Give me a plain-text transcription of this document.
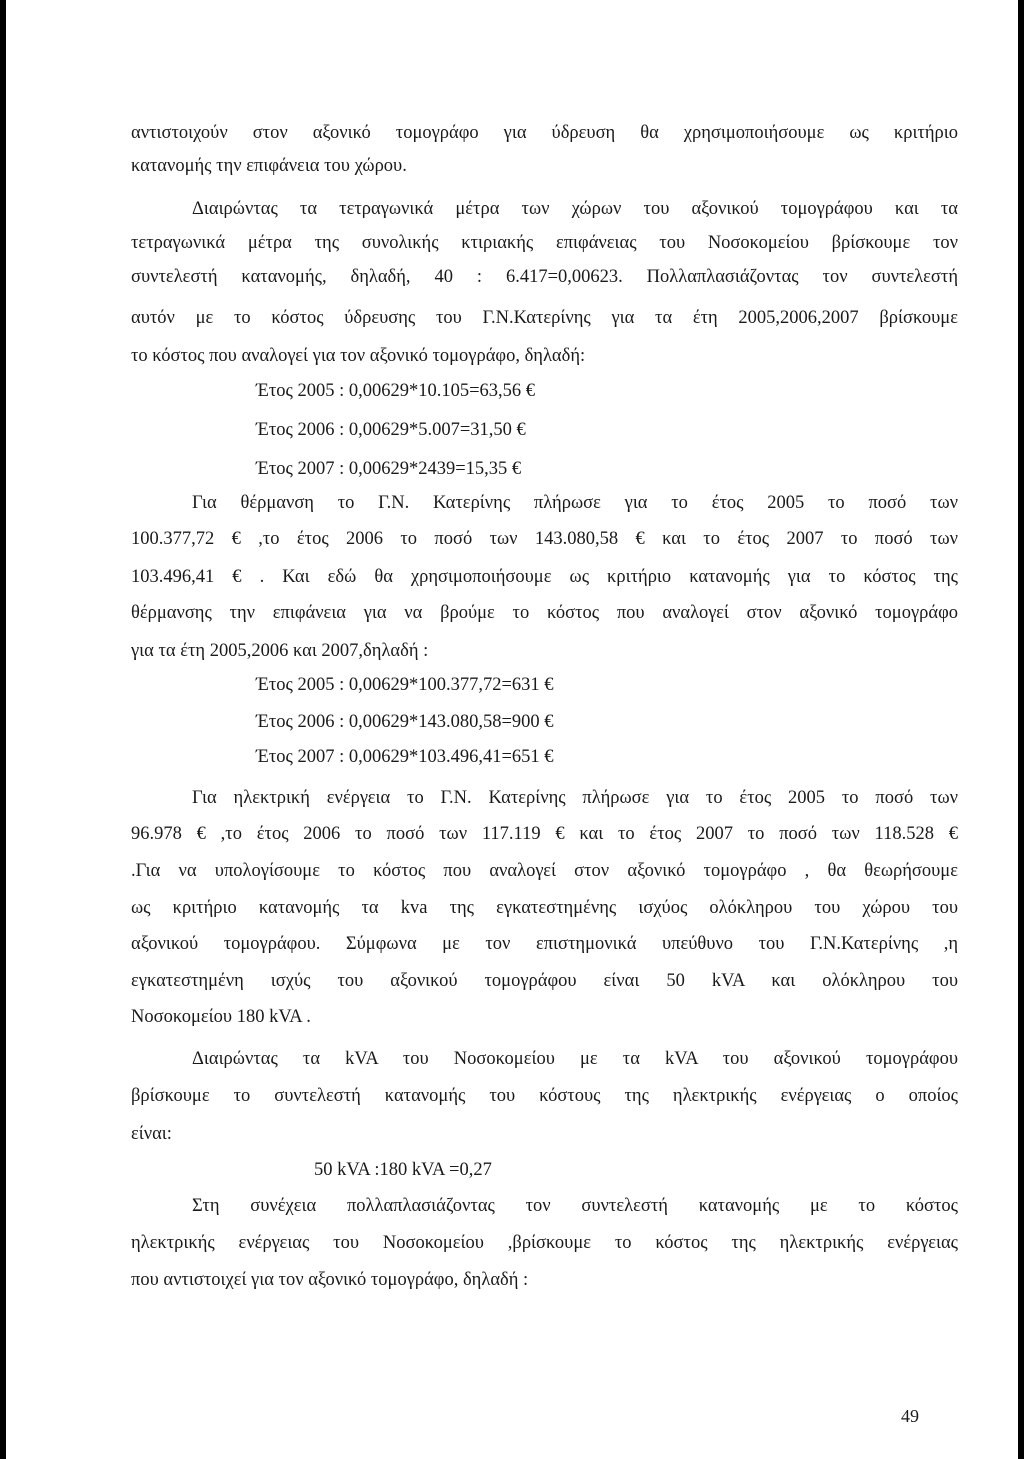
αντιστοιχούν στον αξονικό τομογράφο για ύδρευση θα χρησιμοποιήσουμε ως κριτήριο
κατανομής την επιφάνεια του χώρου.
Διαιρώντας τα τετραγωνικά μέτρα των χώρων του αξονικού τομογράφου και τα
τετραγωνικά μέτρα της συνολικής κτιριακής επιφάνειας του Νοσοκομείου βρίσκουμε τον
συντελεστή κατανομής, δηλαδή, 40 : 6.417=0,00623. Πολλαπλασιάζοντας τον συντελεστή
αυτόν με το κόστος ύδρευσης του Γ.Ν.Κατερίνης για τα έτη 2005,2006,2007 βρίσκουμε
το κόστος που αναλογεί για τον αξονικό τομογράφο, δηλαδή:
Έτος 2005 : 0,00629*10.105=63,56 €
Έτος 2006 : 0,00629*5.007=31,50 €
Έτος 2007 : 0,00629*2439=15,35 €
Για θέρμανση το Γ.Ν. Κατερίνης πλήρωσε για το έτος 2005 το ποσό των
100.377,72 € ,το έτος 2006 το ποσό των 143.080,58 € και το έτος 2007 το ποσό των
103.496,41 € . Και εδώ θα χρησιμοποιήσουμε ως κριτήριο κατανομής για το κόστος της
θέρμανσης την επιφάνεια για να βρούμε το κόστος που αναλογεί στον αξονικό τομογράφο
για τα έτη 2005,2006 και 2007,δηλαδή :
Έτος 2005 : 0,00629*100.377,72=631 €
Έτος 2006 : 0,00629*143.080,58=900 €
Έτος 2007 : 0,00629*103.496,41=651 €
Για ηλεκτρική ενέργεια το Γ.Ν. Κατερίνης πλήρωσε για το έτος 2005 το ποσό των
96.978 € ,το έτος 2006 το ποσό των 117.119 € και το έτος 2007 το ποσό των 118.528 €
.Για να υπολογίσουμε το κόστος που αναλογεί στον αξονικό τομογράφο , θα θεωρήσουμε
ως κριτήριο κατανομής τα kva της εγκατεστημένης ισχύος ολόκληρου του χώρου του
αξονικού τομογράφου. Σύμφωνα με τον επιστημονικά υπεύθυνο του Γ.Ν.Κατερίνης ,η
εγκατεστημένη ισχύς του αξονικού τομογράφου είναι 50 kVA και ολόκληρου του
Νοσοκομείου 180 kVA .
Διαιρώντας τα kVA του Νοσοκομείου με τα kVA του αξονικού τομογράφου
βρίσκουμε το συντελεστή κατανομής του κόστους της ηλεκτρικής ενέργειας ο οποίος
είναι:
50 kVA :180 kVA =0,27
Στη συνέχεια πολλαπλασιάζοντας τον συντελεστή κατανομής με το κόστος
ηλεκτρικής ενέργειας του Νοσοκομείου ,βρίσκουμε το κόστος της ηλεκτρικής ενέργειας
που αντιστοιχεί για τον αξονικό τομογράφο, δηλαδή :
49
